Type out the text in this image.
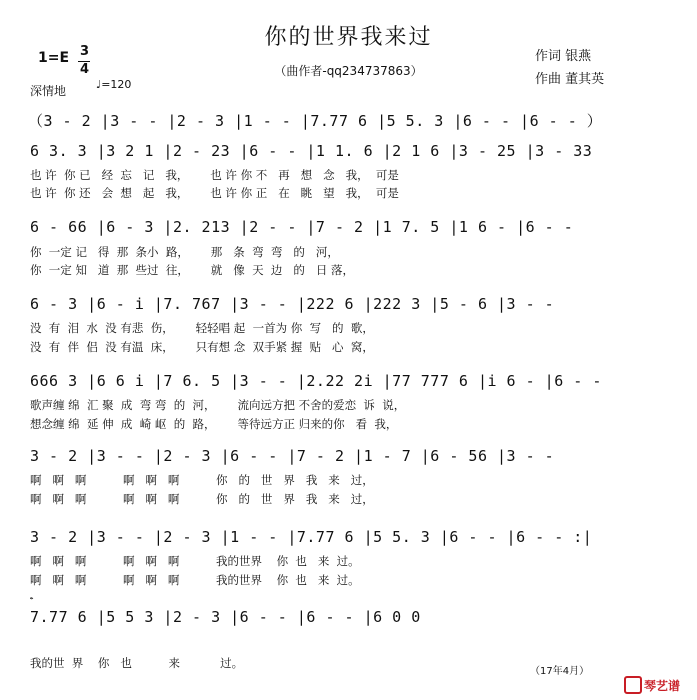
你的世界我来过
（曲作者-qq234737863）
作词 银燕
作曲 董其英
1=E 3
4
深情地	♩=120
（3 - 2 |3 - - |2 - 3 |1 - - |7.77 6 |5 5. 3 |6 - - |6 - - ）
6 3. 3 |3 2 1 |2 - 23 |6 - - |1 1. 6 |2 1 6 |3 - 25 |3 - 33
也 许  你 已   经  忘   记   我，      也 许 你 不   再   想   念   我，  可是
也 许  你 还   会  想   起   我，      也 许 你 正   在   眺   望   我，  可是
6 - 66 |6 - 3 |2. 213 |2 - - |7 - 2 |1 7. 5 |1 6 - |6 - -
你  一定 记   得  那  条小  路，      那   条  弯  弯   的   河，
你  一定 知   道  那  些过  往，      就   像  天  边   的   日 落，
6 - 3 |6 - i |7. 767 |3 - - |222 6 |222 3 |5 - 6 |3 - -
没  有  泪  水  没 有悲  伤，      轻轻唱 起  一首为 你  写   的  歌，
没  有  伴  侣  没 有温  床，      只有想 念  双手紧 握  贴   心  窝，
666 3 |6 6 i |7 6. 5 |3 - - |2.22 2i |77 777 6 |i 6 - |6 - -
歌声缠 绵  汇 聚  成  弯 弯  的  河，      流向远方把 不舍的爱恋  诉  说，
想念缠 绵  延 伸  成  崎 岖  的  路，      等待远方正 归来的你   看  我，
3 - 2 |3 - - |2 - 3 |6 - - |7 - 2 |1 - 7 |6 - 56 |3 - -
啊   啊   啊          啊   啊   啊          你   的   世   界   我   来   过，
啊   啊   啊          啊   啊   啊          你   的   世   界   我   来   过，
3 - 2 |3 - - |2 - 3 |1 - - |7.77 6 |5 5. 3 |6 - - |6 - - :|
啊   啊   啊          啊   啊   啊          我的世界    你  也   来  过。
啊   啊   啊          啊   啊   啊          我的世界    你  也   来  过。
𝄌
7.77 6 |5 5 3 |2 - 3 |6 - - |6 - - |6 0 0
我的世  界    你   也          来           过。
（17年4月）
琴艺谱
